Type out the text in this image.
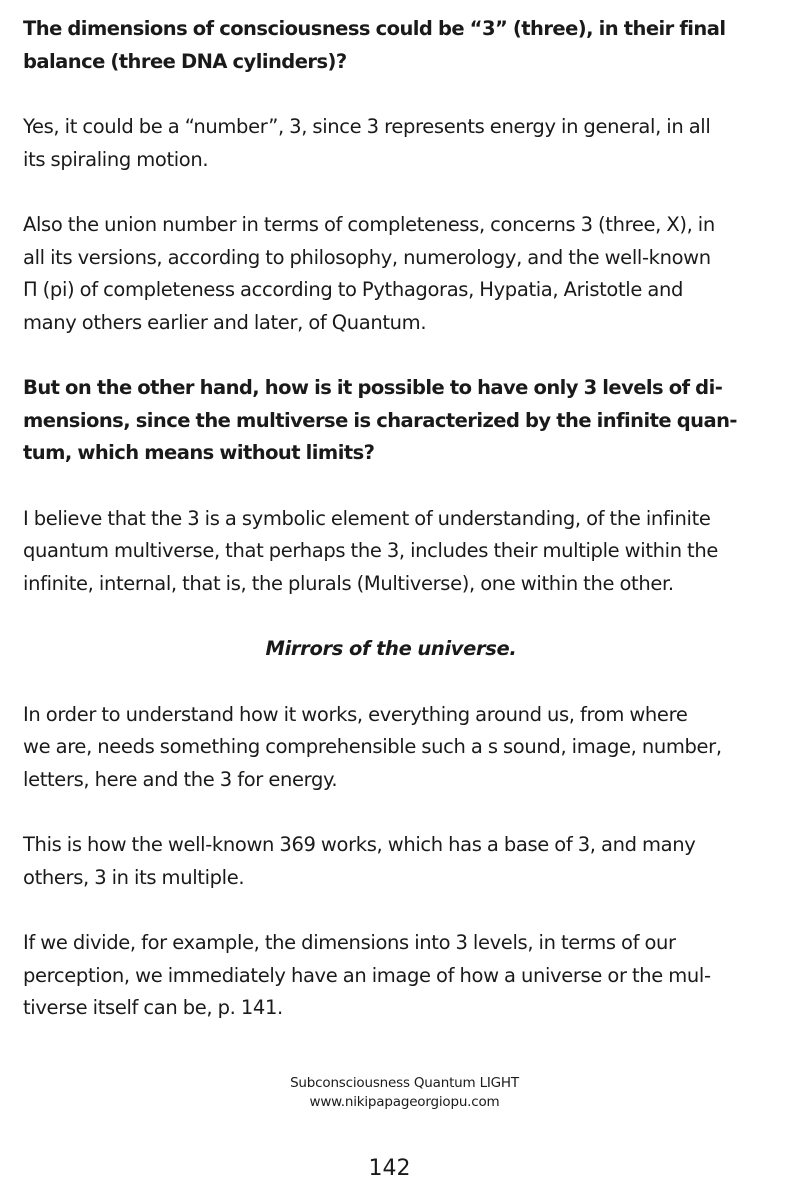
The dimensions of consciousness could be “3” (three), in their final
balance (three DNA cylinders)?

Yes, it could be a “number”, 3, since 3 represents energy in general, in all
its spiraling motion.

Also the union number in terms of completeness, concerns 3 (three, X), in
all its versions, according to philosophy, numerology, and the well-known
Π (pi) of completeness according to Pythagoras, Hypatia, Aristotle and
many others earlier and later, of Quantum.

But on the other hand, how is it possible to have only 3 levels of di-
mensions, since the multiverse is characterized by the infinite quan-
tum, which means without limits?

I believe that the 3 is a symbolic element of understanding, of the infinite
quantum multiverse, that perhaps the 3, includes their multiple within the
infinite, internal, that is, the plurals (Multiverse), one within the other.

Mirrors of the universe.

In order to understand how it works, everything around us, from where
we are, needs something comprehensible such a s sound, image, number,
letters, here and the 3 for energy.

This is how the well-known 369 works, which has a base of 3, and many
others, 3 in its multiple.

If we divide, for example, the dimensions into 3 levels, in terms of our
perception, we immediately have an image of how a universe or the mul-
tiverse itself can be, p. 141.

Subconsciousness Quantum LIGHT
www.nikipapageorgiopu.com
142
